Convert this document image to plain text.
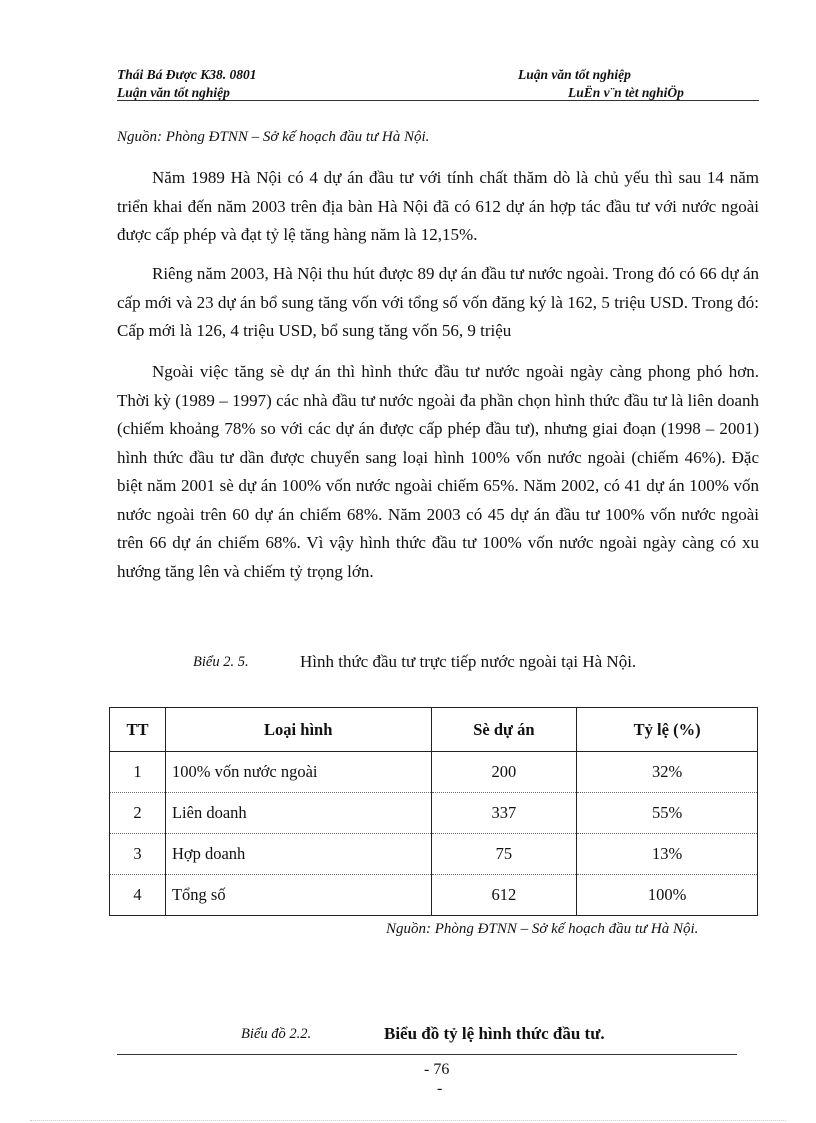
Thái Bá Được K38. 0801	Luận văn tốt nghiệp
Luận văn tốt nghiệp	LuËn v¨n tèt nghiÖp
Nguồn: Phòng ĐTNN – Sở kế hoạch đầu tư Hà Nội.
Năm 1989 Hà Nội có 4 dự án đầu tư với tính chất thăm dò là chủ yếu thì sau 14 năm triển khai đến năm 2003 trên địa bàn Hà Nội đã có 612 dự án hợp tác đầu tư với nước ngoài được cấp phép và đạt tỷ lệ tăng hàng năm là 12,15%.
Riêng năm 2003, Hà Nội thu hút được 89 dự án đầu tư nước ngoài. Trong đó có 66 dự án cấp mới và 23 dự án bổ sung tăng vốn với tổng số vốn đăng ký là 162, 5 triệu USD. Trong đó: Cấp mới là 126, 4 triệu USD, bổ sung tăng vốn 56, 9 triệu
Ngoài việc tăng sè dự án thì hình thức đầu tư nước ngoài ngày càng phong phó hơn. Thời kỳ (1989 – 1997) các nhà đầu tư nước ngoài đa phần chọn hình thức đầu tư là liên doanh (chiếm khoảng 78% so với các dự án được cấp phép đầu tư), nhưng giai đoạn (1998 – 2001) hình thức đầu tư dần được chuyển sang loại hình 100% vốn nước ngoài (chiếm 46%). Đặc biệt năm 2001 sè dự án 100% vốn nước ngoài chiếm 65%. Năm 2002, có 41 dự án 100% vốn nước ngoài trên 60 dự án chiếm 68%. Năm 2003 có 45 dự án đầu tư 100% vốn nước ngoài trên 66 dự án chiếm 68%. Vì vậy hình thức đầu tư 100% vốn nước ngoài ngày càng có xu hướng tăng lên và chiếm tỷ trọng lớn.
Biểu 2. 5.	Hình thức đầu tư trực tiếp nước ngoài tại Hà Nội.
TT	Loại hình	Sè dự án	Tỷ lệ (%)
1	100% vốn nước ngoài	200	32%
2	Liên doanh	337	55%
3	Hợp doanh	75	13%
4	Tổng số	612	100%
Nguồn: Phòng ĐTNN – Sở kế hoạch đầu tư Hà Nội.
Biểu đồ 2.2.	Biểu đồ tỷ lệ hình thức đầu tư.
- 76
-
